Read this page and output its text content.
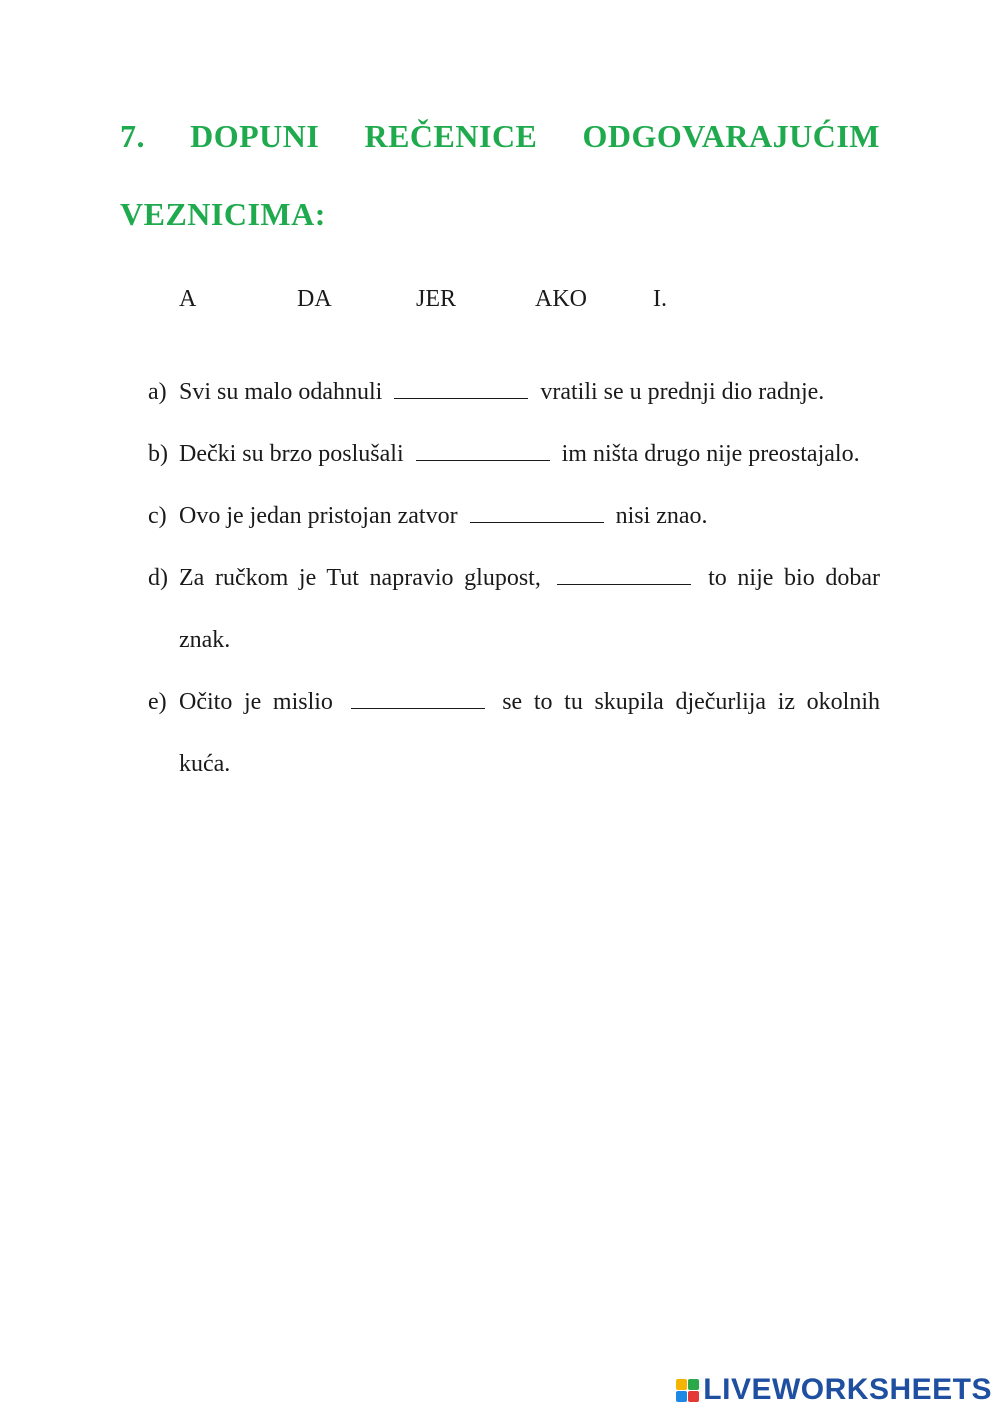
7. DOPUNI REČENICE ODGOVARAJUĆIM
VEZNICIMA:
A	DA	JER	AKO	I.
a) Svi su malo odahnuli	vratili se u prednji dio radnje.
b) Dečki su brzo poslušali	im ništa drugo nije preostajalo.
c) Ovo je jedan pristojan zatvor	nisi znao.
d) Za ručkom je Tut napravio glupost,	to nije bio dobar znak.
e) Očito je mislio	se to tu skupila dječurlija iz okolnih kuća.
LIVEWORKSHEETS
